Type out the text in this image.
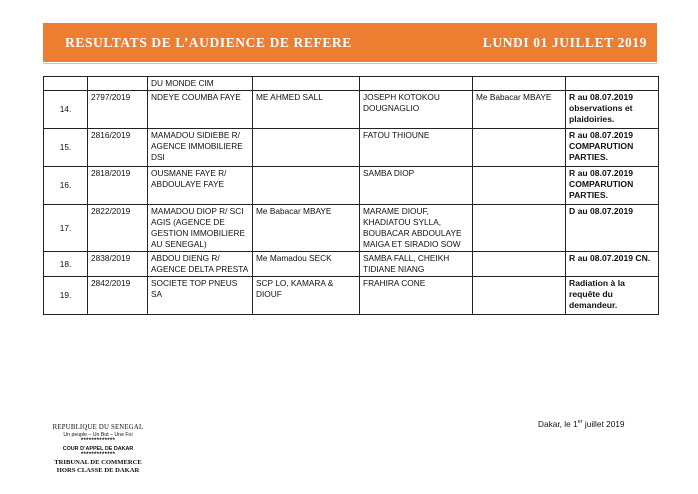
RESULTATS DE L’AUDIENCE DE REFERE	LUNDI 01 JUILLET 2019
		DU MONDE CIM				
14.	2797/2019	NDEYE COUMBA FAYE	ME AHMED SALL	JOSEPH KOTOKOU DOUGNAGLIO	Me Babacar MBAYE	R au 08.07.2019 observations et plaidoiries.
15.	2816/2019	MAMADOU SIDIEBE R/ AGENCE IMMOBILIERE DSI		FATOU THIOUNE		R au 08.07.2019 COMPARUTION PARTIES.
16.	2818/2019	OUSMANE FAYE R/ ABDOULAYE FAYE		SAMBA DIOP		R au 08.07.2019 COMPARUTION PARTIES.
17.	2822/2019	MAMADOU DIOP R/ SCI AGIS (AGENCE DE GESTION IMMOBILIERE AU SENEGAL)	Me Babacar MBAYE	MARAME DIOUF, KHADIATOU SYLLA, BOUBACAR ABDOULAYE MAIGA ET SIRADIO SOW		D au 08.07.2019
18.	2838/2019	ABDOU DIENG R/ AGENCE DELTA PRESTA	Me Mamadou SECK	SAMBA FALL, CHEIKH TIDIANE NIANG		R au 08.07.2019 CN.
19.	2842/2019	SOCIETE TOP PNEUS SA	SCP LO, KAMARA & DIOUF	FRAHIRA CONE		Radiation à la requête du demandeur.
REPUBLIQUE DU SENEGAL
Un peuple – Un But – Une Foi
*************
COUR D’APPEL DE DAKAR
*************
TRIBUNAL DE COMMERCE
HORS CLASSE DE DAKAR
Dakar, le 1er juillet 2019
